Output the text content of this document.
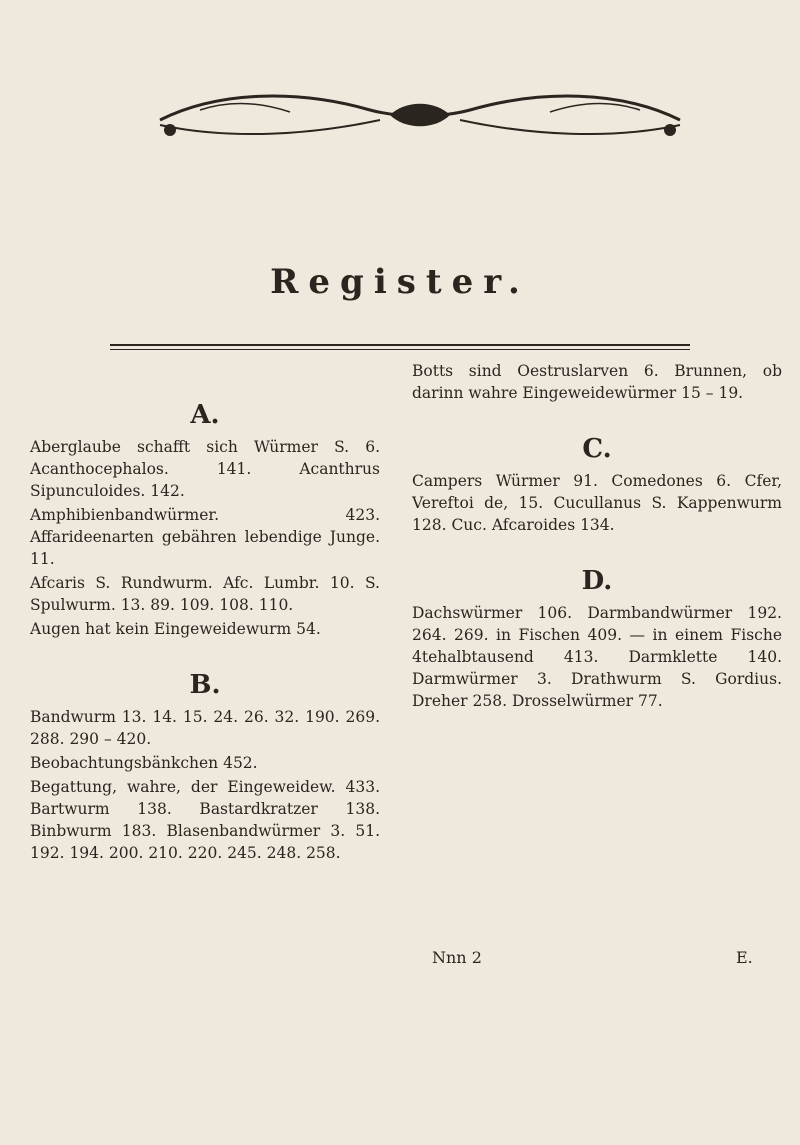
Register.
A.

Aberglaube schafft sich Würmer S. 6. Acanthocephalos. 141. Acanthrus Sipunculoides. 142.

Amphibienbandwürmer. 423. Affarideenarten gebähren lebendige Junge. 11.

Afcaris S. Rundwurm. Afc. Lumbr. 10. S. Spulwurm. 13. 89. 109. 108. 110.

Augen hat kein Eingeweidewurm 54.

B.

Bandwurm 13. 14. 15. 24. 26. 32. 190. 269. 288. 290 – 420.

Beobachtungsbänkchen 452.

Begattung, wahre, der Eingeweidew. 433. Bartwurm 138. Bastardkratzer 138. Binbwurm 183. Blasenbandwürmer 3. 51. 192. 194. 200. 210. 220. 245. 248. 258.

Botts sind Oestruslarven 6. Brunnen, ob darinn wahre Eingeweidewürmer 15 – 19.

C.

Campers Würmer 91. Comedones 6. Cfer, Vereftoi de, 15. Cucullanus S. Kappenwurm 128. Cuc. Afcaroides 134.

D.

Dachswürmer 106. Darmbandwürmer 192. 264. 269. in Fischen 409. — in einem Fische 4tehalbtausend 413. Darmklette 140. Darmwürmer 3. Drathwurm S. Gordius. Dreher 258. Drosselwürmer 77.

Nnn 2	E.
